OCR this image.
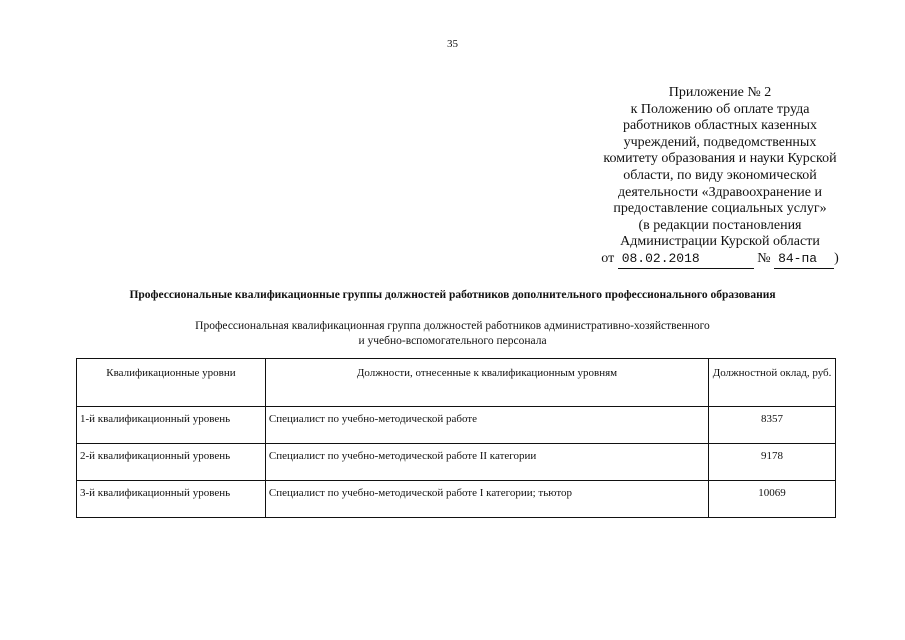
35
Приложение № 2
к Положению об оплате труда
работников областных казенных
учреждений, подведомственных
комитету образования и науки Курской
области, по виду экономической
деятельности «Здравоохранение и
предоставление социальных услуг»
(в редакции постановления
Администрации Курской области
от 08.02.2018	№ 84-па )
Профессиональные квалификационные группы должностей работников дополнительного профессионального образования
Профессиональная квалификационная группа должностей работников административно-хозяйственного
и учебно-вспомогательного персонала
Квалификационные уровни	Должности, отнесенные к квалификационным уровням	Должностной оклад, руб.
1-й квалификационный уровень	Специалист по учебно-методической работе	8357
2-й квалификационный уровень	Специалист по учебно-методической работе II категории	9178
3-й квалификационный уровень	Специалист по учебно-методической работе I категории; тьютор	10069
